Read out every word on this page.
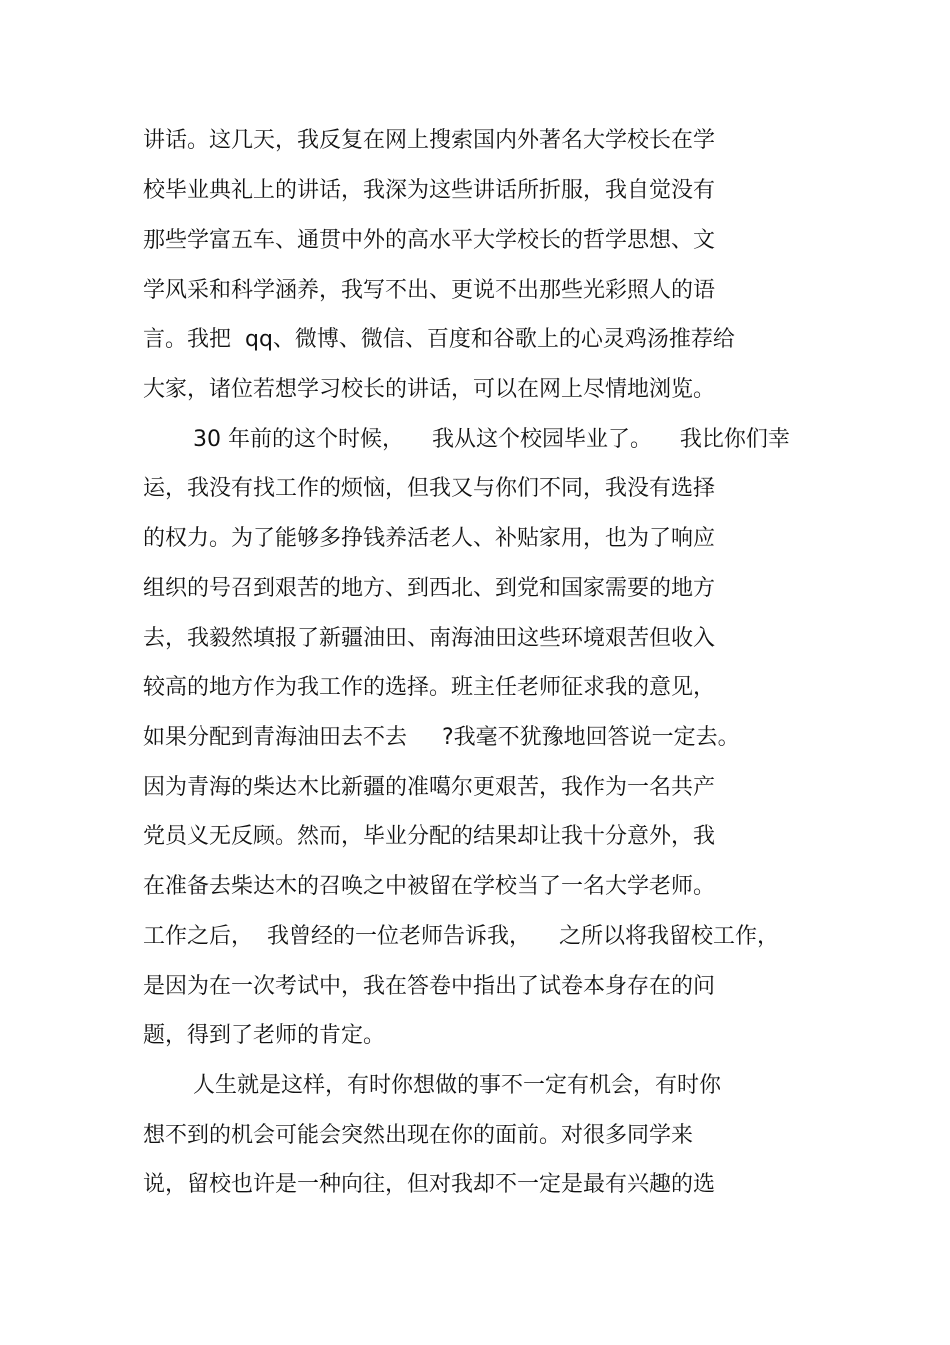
讲话。这几天，我反复在网上搜索国内外著名大学校长在学
校毕业典礼上的讲话，我深为这些讲话所折服，我自觉没有
那些学富五车、通贯中外的高水平大学校长的哲学思想、文
学风采和科学涵养，我写不出、更说不出那些光彩照人的语
言。我把  qq、微博、微信、百度和谷歌上的心灵鸡汤推荐给
大家，诸位若想学习校长的讲话，可以在网上尽情地浏览。
30 年前的这个时候，    我从这个校园毕业了。    我比你们幸
运，我没有找工作的烦恼，但我又与你们不同，我没有选择
的权力。为了能够多挣钱养活老人、补贴家用，也为了响应
组织的号召到艰苦的地方、到西北、到党和国家需要的地方
去，我毅然填报了新疆油田、南海油田这些环境艰苦但收入
较高的地方作为我工作的选择。班主任老师征求我的意见，
如果分配到青海油田去不去     ?我毫不犹豫地回答说一定去。
因为青海的柴达木比新疆的准噶尔更艰苦，我作为一名共产
党员义无反顾。然而，毕业分配的结果却让我十分意外，我
在准备去柴达木的召唤之中被留在学校当了一名大学老师。
工作之后，  我曾经的一位老师告诉我，    之所以将我留校工作，
是因为在一次考试中，我在答卷中指出了试卷本身存在的问
题，得到了老师的肯定。
人生就是这样，有时你想做的事不一定有机会，有时你
想不到的机会可能会突然出现在你的面前。对很多同学来
说，留校也许是一种向往，但对我却不一定是最有兴趣的选
